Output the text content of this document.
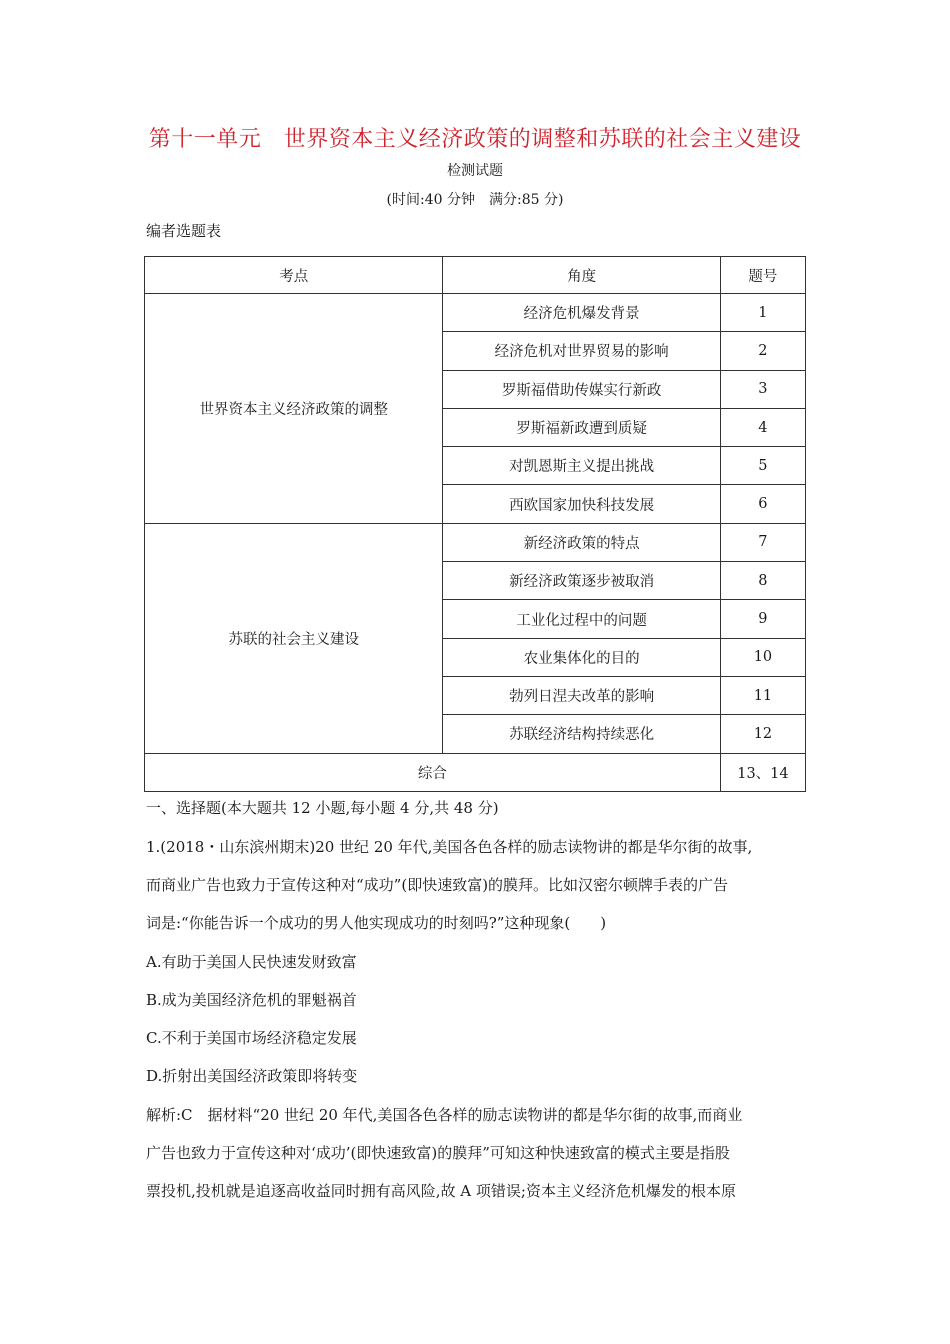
第十一单元　世界资本主义经济政策的调整和苏联的社会主义建设
检测试题
(时间:40 分钟　满分:85 分)
编者选题表
考点	角度	题号
世界资本主义经济政策的调整	经济危机爆发背景	1
	经济危机对世界贸易的影响	2
	罗斯福借助传媒实行新政	3
	罗斯福新政遭到质疑	4
	对凯恩斯主义提出挑战	5
	西欧国家加快科技发展	6
苏联的社会主义建设	新经济政策的特点	7
	新经济政策逐步被取消	8
	工业化过程中的问题	9
	农业集体化的目的	10
	勃列日涅夫改革的影响	11
	苏联经济结构持续恶化	12
综合		13、14
一、选择题(本大题共 12 小题,每小题 4 分,共 48 分)
1.(2018・山东滨州期末)20 世纪 20 年代,美国各色各样的励志读物讲的都是华尔街的故事,
而商业广告也致力于宣传这种对“成功”(即快速致富)的膜拜。比如汉密尔顿牌手表的广告
词是:“你能告诉一个成功的男人他实现成功的时刻吗?”这种现象(　　)
A.有助于美国人民快速发财致富
B.成为美国经济危机的罪魁祸首
C.不利于美国市场经济稳定发展
D.折射出美国经济政策即将转变
解析:C　据材料“20 世纪 20 年代,美国各色各样的励志读物讲的都是华尔街的故事,而商业
广告也致力于宣传这种对‘成功’(即快速致富)的膜拜”可知这种快速致富的模式主要是指股
票投机,投机就是追逐高收益同时拥有高风险,故 A 项错误;资本主义经济危机爆发的根本原
